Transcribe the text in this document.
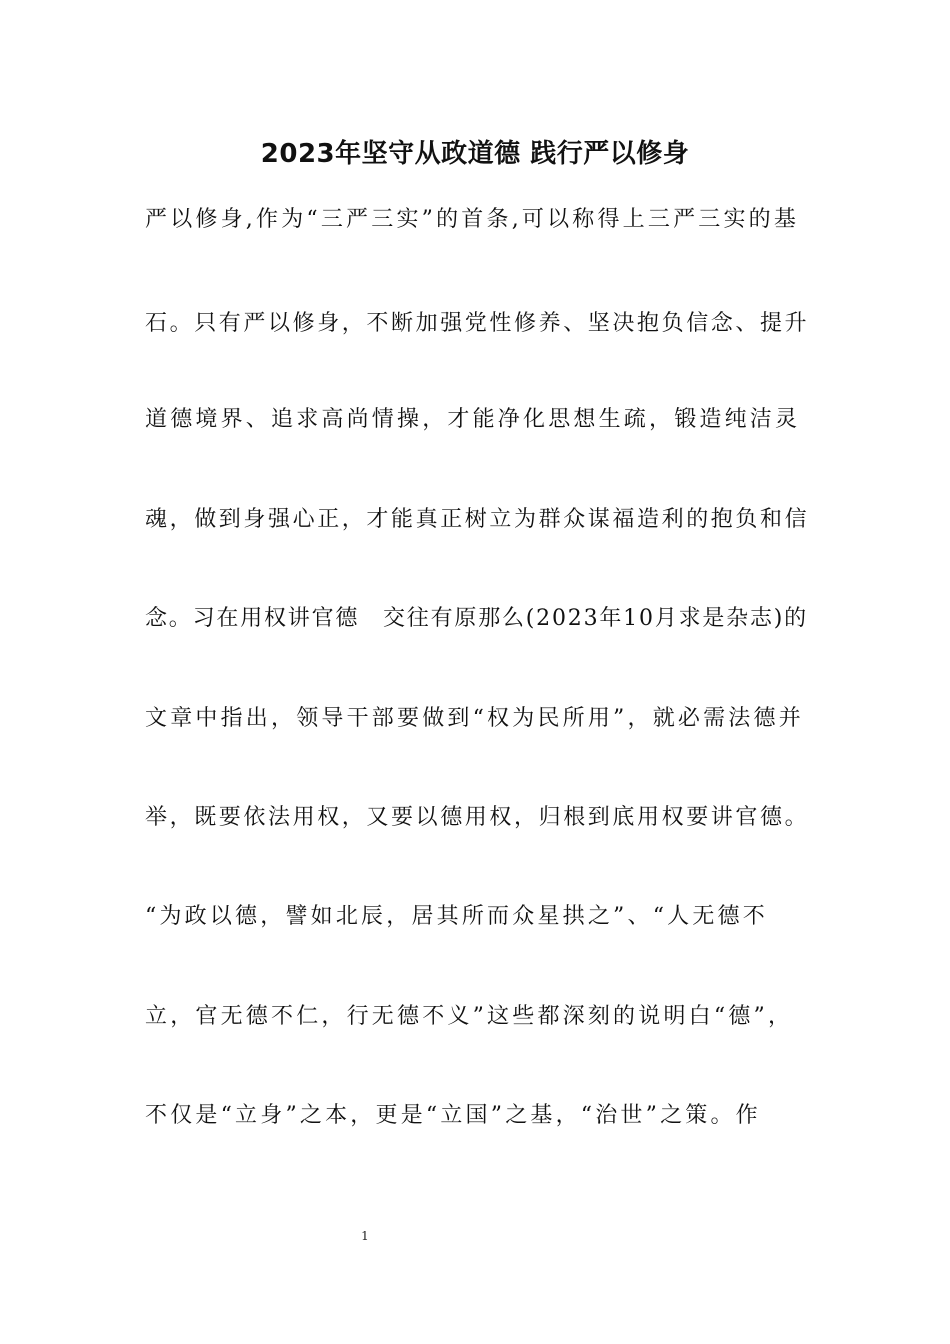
2023年坚守从政道德 践行严以修身
严以修身,作为“三严三实”的首条,可以称得上三严三实的基
石。只有严以修身，不断加强党性修养、坚决抱负信念、提升
道德境界、追求高尚情操，才能净化思想生疏，锻造纯洁灵
魂，做到身强心正，才能真正树立为群众谋福造利的抱负和信
念。习在用权讲官德　交往有原那么(2023年10月求是杂志)的
文章中指出，领导干部要做到“权为民所用”，就必需法德并
举，既要依法用权，又要以德用权，归根到底用权要讲官德。
“为政以德，譬如北辰，居其所而众星拱之”、“人无德不
立，官无德不仁，行无德不义”这些都深刻的说明白“德”，
不仅是“立身”之本，更是“立国”之基，“治世”之策。作
1
